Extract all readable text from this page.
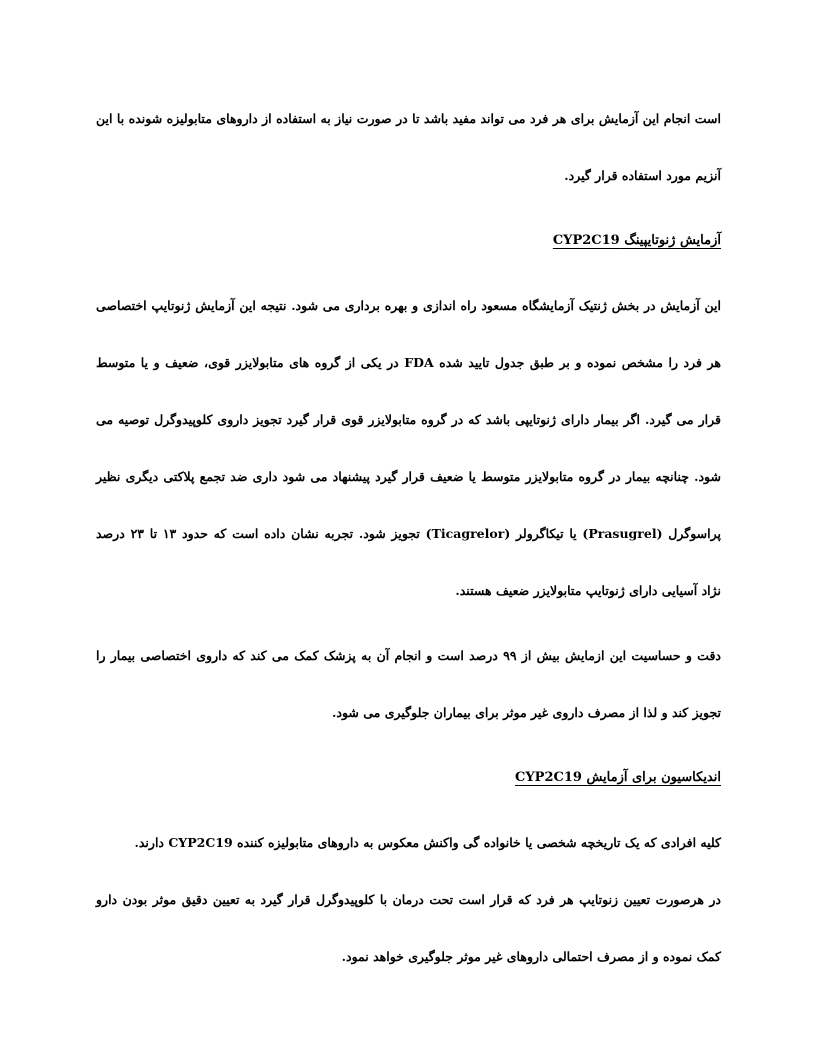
است انجام این آزمایش برای هر فرد می تواند مفید باشد تا در صورت نیاز به استفاده از داروهای متابولیزه شونده با این آنزیم مورد استفاده قرار گیرد.

آزمایش ژنوتایپینگ CYP2C19

این آزمایش در بخش ژنتیک آزمایشگاه مسعود راه اندازی و بهره برداری می شود. نتیجه این آزمایش ژنوتایپ اختصاصی هر فرد را مشخص نموده و بر طبق جدول تایید شده FDA در یکی از گروه های متابولایزر قوی، ضعیف و یا متوسط قرار می گیرد. اگر بیمار دارای ژنوتایپی باشد که در گروه متابولایزر قوی قرار گیرد تجویز داروی کلوپیدوگرل توصیه می شود. چنانچه بیمار در گروه متابولایزر متوسط یا ضعیف قرار گیرد پیشنهاد می شود داری ضد تجمع پلاکتی دیگری نظیر پراسوگرل (Prasugrel) یا تیکاگرولر (Ticagrelor) تجویز شود. تجربه نشان داده است که حدود ۱۳ تا ۲۳ درصد نژاد آسیایی دارای ژنوتایپ متابولایزر ضعیف هستند.

دقت و حساسیت این ازمایش بیش از ۹۹ درصد است و انجام آن به پزشک کمک می کند که داروی اختصاصی بیمار را تجویز کند و لذا از مصرف داروی غیر موثر برای بیماران جلوگیری می شود.

اندیکاسیون برای آزمایش CYP2C19

کلیه افرادی که یک تاریخچه شخصی یا خانواده گی واکنش معکوس به داروهای متابولیزه کننده CYP2C19 دارند.

در هرصورت تعیین زنوتایپ هر فرد که قرار است تحت درمان با کلوپیدوگرل قرار گیرد به تعیین دقیق موثر بودن دارو کمک نموده و از مصرف احتمالی داروهای غیر موثر جلوگیری خواهد نمود.
